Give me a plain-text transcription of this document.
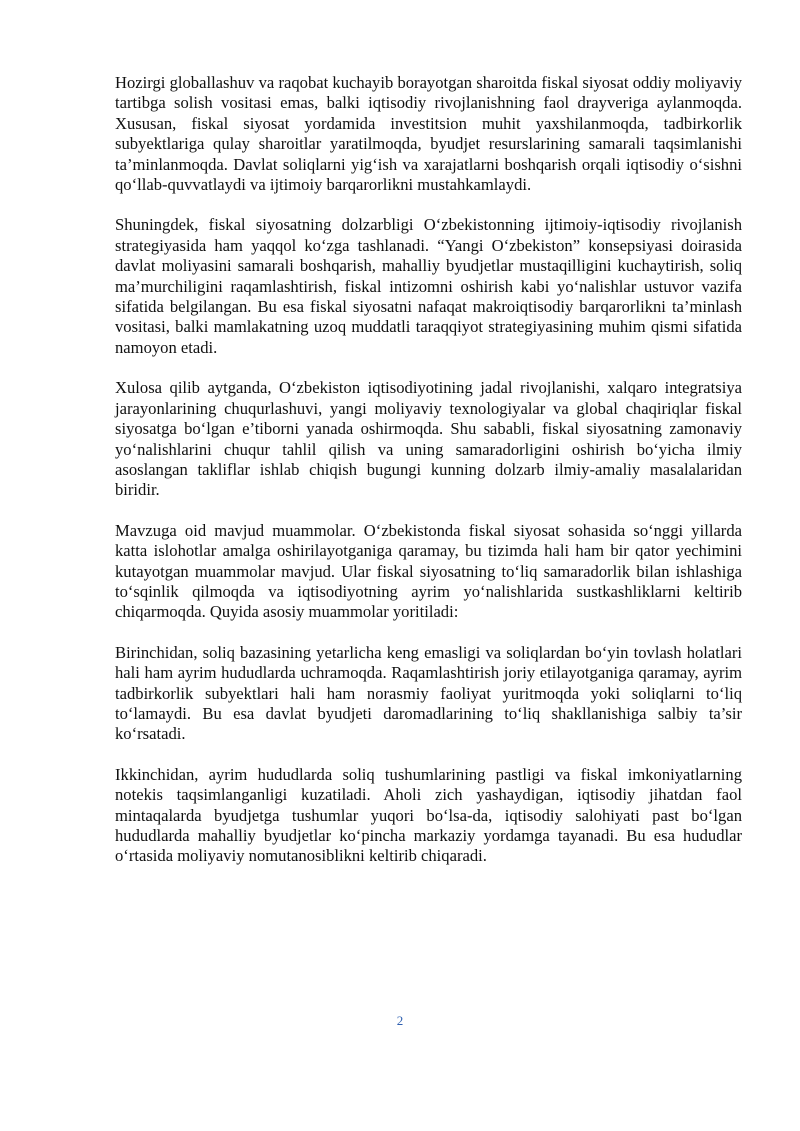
Hozirgi globallashuv va raqobat kuchayib borayotgan sharoitda fiskal siyosat oddiy moliyaviy tartibga solish vositasi emas, balki iqtisodiy rivojlanishning faol drayveriga aylanmoqda. Xususan, fiskal siyosat yordamida investitsion muhit yaxshilanmoqda, tadbirkorlik subyektlariga qulay sharoitlar yaratilmoqda, byudjet resurslarining samarali taqsimlanishi ta’minlanmoqda. Davlat soliqlarni yig‘ish va xarajatlarni boshqarish orqali iqtisodiy o‘sishni qo‘llab-quvvatlaydi va ijtimoiy barqarorlikni mustahkamlaydi.

Shuningdek, fiskal siyosatning dolzarbligi O‘zbekistonning ijtimoiy-iqtisodiy rivojlanish strategiyasida ham yaqqol ko‘zga tashlanadi. “Yangi O‘zbekiston” konsepsiyasi doirasida davlat moliyasini samarali boshqarish, mahalliy byudjetlar mustaqilligini kuchaytirish, soliq ma’murchiligini raqamlashtirish, fiskal intizomni oshirish kabi yo‘nalishlar ustuvor vazifa sifatida belgilangan. Bu esa fiskal siyosatni nafaqat makroiqtisodiy barqarorlikni ta’minlash vositasi, balki mamlakatning uzoq muddatli taraqqiyot strategiyasining muhim qismi sifatida namoyon etadi.

Xulosa qilib aytganda, O‘zbekiston iqtisodiyotining jadal rivojlanishi, xalqaro integratsiya jarayonlarining chuqurlashuvi, yangi moliyaviy texnologiyalar va global chaqiriqlar fiskal siyosatga bo‘lgan e’tiborni yanada oshirmoqda. Shu sababli, fiskal siyosatning zamonaviy yo‘nalishlarini chuqur tahlil qilish va uning samaradorligini oshirish bo‘yicha ilmiy asoslangan takliflar ishlab chiqish bugungi kunning dolzarb ilmiy-amaliy masalalaridan biridir.

Mavzuga oid mavjud muammolar. O‘zbekistonda fiskal siyosat sohasida so‘nggi yillarda katta islohotlar amalga oshirilayotganiga qaramay, bu tizimda hali ham bir qator yechimini kutayotgan muammolar mavjud. Ular fiskal siyosatning to‘liq samaradorlik bilan ishlashiga to‘sqinlik qilmoqda va iqtisodiyotning ayrim yo‘nalishlarida sustkashliklarni keltirib chiqarmoqda. Quyida asosiy muammolar yoritiladi:

Birinchidan, soliq bazasining yetarlicha keng emasligi va soliqlardan bo‘yin tovlash holatlari hali ham ayrim hududlarda uchramoqda. Raqamlashtirish joriy etilayotganiga qaramay, ayrim tadbirkorlik subyektlari hali ham norasmiy faoliyat yuritmoqda yoki soliqlarni to‘liq to‘lamaydi. Bu esa davlat byudjeti daromadlarining to‘liq shakllanishiga salbiy ta’sir ko‘rsatadi.

Ikkinchidan, ayrim hududlarda soliq tushumlarining pastligi va fiskal imkoniyatlarning notekis taqsimlanganligi kuzatiladi. Aholi zich yashaydigan, iqtisodiy jihatdan faol mintaqalarda byudjetga tushumlar yuqori bo‘lsa-da, iqtisodiy salohiyati past bo‘lgan hududlarda mahalliy byudjetlar ko‘pincha markaziy yordamga tayanadi. Bu esa hududlar o‘rtasida moliyaviy nomutanosiblikni keltirib chiqaradi.

2
